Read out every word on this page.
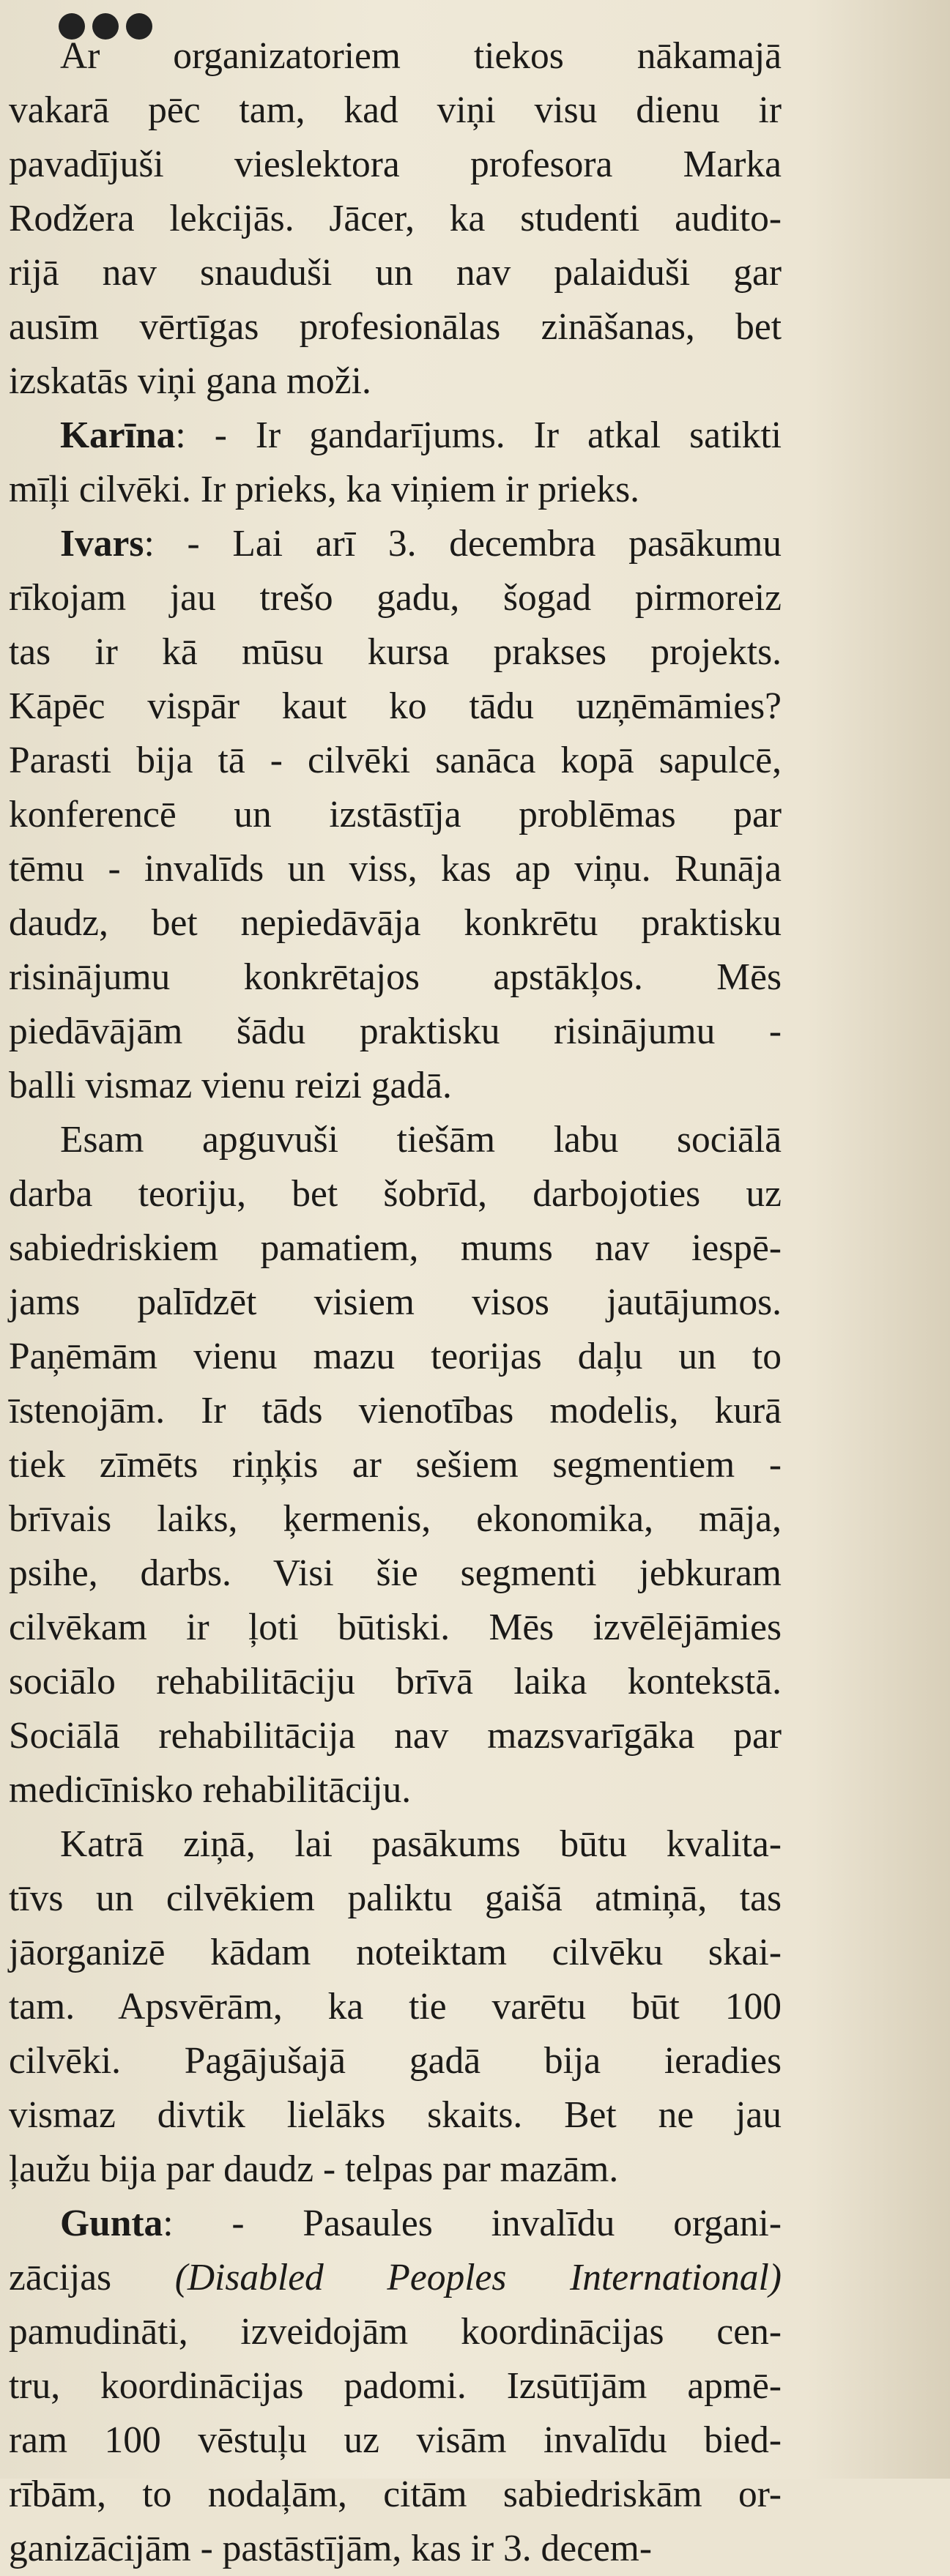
Ar organizatoriem tiekos nākamajā
vakarā pēc tam, kad viņi visu dienu ir
pavadījuši vieslektora profesora Marka
Rodžera lekcijās. Jācer, ka studenti audito-
rijā nav snauduši un nav palaiduši gar
ausīm vērtīgas profesionālas zināšanas, bet
izskatās viņi gana moži.

Karīna: - Ir gandarījums. Ir atkal satikti
mīļi cilvēki. Ir prieks, ka viņiem ir prieks.

Ivars: - Lai arī 3. decembra pasākumu
rīkojam jau trešo gadu, šogad pirmoreiz
tas ir kā mūsu kursa prakses projekts.
Kāpēc vispār kaut ko tādu uzņēmāmies?
Parasti bija tā - cilvēki sanāca kopā sapulcē,
konferencē un izstāstīja problēmas par
tēmu - invalīds un viss, kas ap viņu. Runāja
daudz, bet nepiedāvāja konkrētu praktisku
risinājumu konkrētajos apstākļos. Mēs
piedāvājām šādu praktisku risinājumu -
balli vismaz vienu reizi gadā.

Esam apguvuši tiešām labu sociālā
darba teoriju, bet šobrīd, darbojoties uz
sabiedriskiem pamatiem, mums nav iespē-
jams palīdzēt visiem visos jautājumos.
Paņēmām vienu mazu teorijas daļu un to
īstenojām. Ir tāds vienotības modelis, kurā
tiek zīmēts riņķis ar sešiem segmentiem -
brīvais laiks, ķermenis, ekonomika, māja,
psihe, darbs. Visi šie segmenti jebkuram
cilvēkam ir ļoti būtiski. Mēs izvēlējāmies
sociālo rehabilitāciju brīvā laika kontekstā.
Sociālā rehabilitācija nav mazsvarīgāka par
medicīnisko rehabilitāciju.

Katrā ziņā, lai pasākums būtu kvalita-
tīvs un cilvēkiem paliktu gaišā atmiņā, tas
jāorganizē kādam noteiktam cilvēku skai-
tam. Apsvērām, ka tie varētu būt 100
cilvēki. Pagājušajā gadā bija ieradies
vismaz divtik lielāks skaits. Bet ne jau
ļaužu bija par daudz - telpas par mazām.

Gunta: - Pasaules invalīdu organi-
zācijas (Disabled Peoples International)
pamudināti, izveidojām koordinācijas cen-
tru, koordinācijas padomi. Izsūtījām apmē-
ram 100 vēstuļu uz visām invalīdu bied-
rībām, to nodaļām, citām sabiedriskām or-
ganizācijām - pastāstījām, kas ir 3. decem-
